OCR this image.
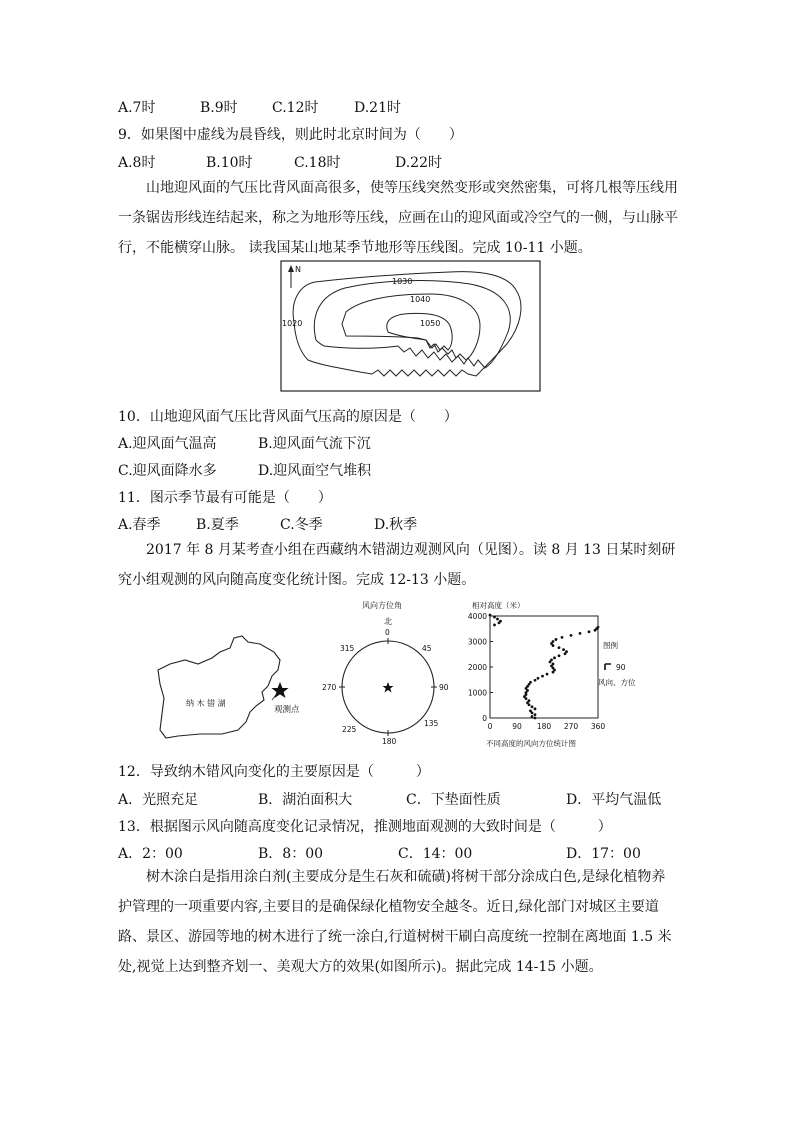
A.7时	B.9时 C.12时	D.21时
9．如果图中虚线为晨昏线，则此时北京时间为（　　）
A.8时	B.10时	C.18时	D.22时

山地迎风面的气压比背风面高很多，使等压线突然变形或突然密集，可将几根等压线用一条锯齿形线连结起来，称之为地形等压线，应画在山的迎风面或冷空气的一侧，与山脉平行，不能横穿山脉。 读我国某山地某季节地形等压线图。完成 10-11 小题。

N
1030
1040
1050
1020
10．山地迎风面气压比背风面气压高的原因是（　　）
A.迎风面气温高	B.迎风面气流下沉
C.迎风面降水多	D.迎风面空气堆积
11．图示季节最有可能是（　　）
A.春季	B.夏季	C.冬季	D.秋季

2017 年 8 月某考查小组在西藏纳木错湖边观测风向（见图）。读 8 月 13 日某时刻研究小组观测的风向随高度变化统计图。完成 12-13 小题。

纳 木 错 湖
观测点
风向方位角
北
0
45
90
135
180
225
270
315
相对高度（米）
0
1000
2000
3000
4000
0	90 180 270 360
不同高度的风向方位统计图
图例
90
风向、方位
12．导致纳木错风向变化的主要原因是（　　　）
A．光照充足	B．湖泊面积大	C．下垫面性质	D．平均气温低
13．根据图示风向随高度变化记录情况，推测地面观测的大致时间是（　　　）
A．2：00	B．8：00	C．14：00	D．17：00

树木涂白是指用涂白剂(主要成分是生石灰和硫磺)将树干部分涂成白色,是绿化植物养护管理的一项重要内容,主要目的是确保绿化植物安全越冬。近日,绿化部门对城区主要道路、景区、游园等地的树木进行了统一涂白,行道树树干刷白高度统一控制在离地面 1.5 米处,视觉上达到整齐划一、美观大方的效果(如图所示)。据此完成 14-15 小题。
